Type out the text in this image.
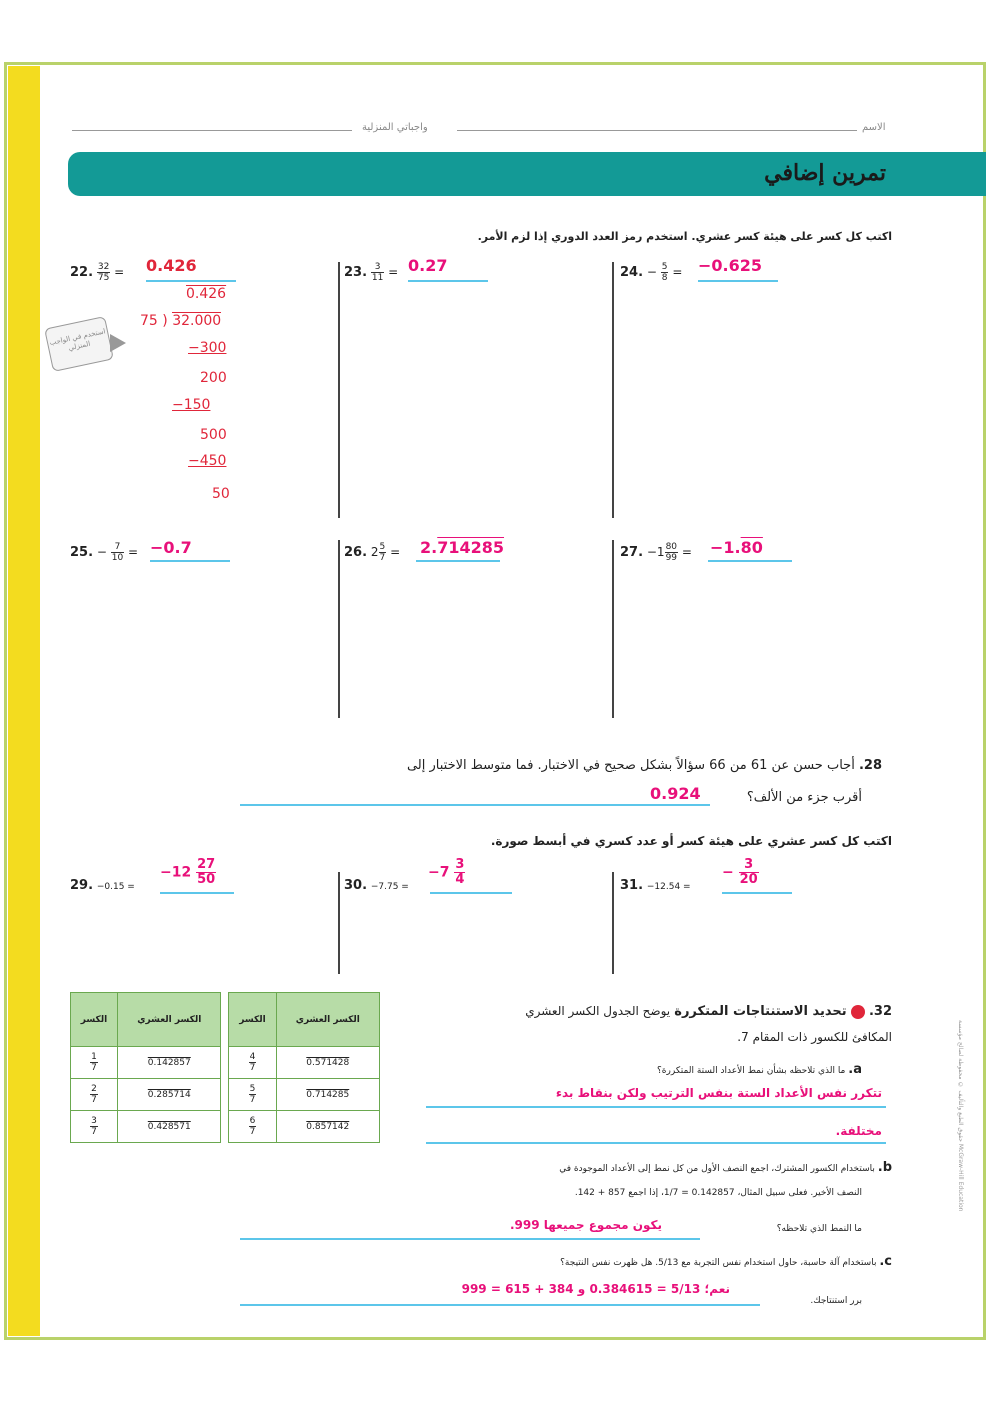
واجباتي المنزلية	الاسم
تمرين إضافي
اكتب كل كسر على هيئة كسر عشري. استخدم رمز العدد الدوري إذا لزم الأمر.
22. $\frac{32}{75} = 0.426$
0.426
75 ) 32.000
−300
200
−150
500
−450
50
استخدم في الواجب المنزلي
23. $\frac{3}{11} = 0.27$	24. − $\frac{5}{8} = -0.625$
25. − $\frac{7}{10} = -0.7$	26. $2 \frac{5}{7} = 2.714285$	27. $-1 \frac{80}{99} = -1.80$
28. أجاب حسن عن 61 من 66 سؤالاً بشكل صحيح في الاختبار. فما متوسط الاختبار إلى
أقرب جزء من الألف؟
0.924
اكتب كل كسر عشري على هيئة كسر أو عدد كسري في أبسط صورة.
29. −0.15 =
$-12 \frac{27}{50}$	30. −7.75 =
$-7 \frac{3}{4}$	31. −12.54 =
− $\frac{3}{20}$
الكسر	الكسر العشري		الكسر	الكسر العشري

$\frac{1}{7}$	0.142857		$\frac{4}{7}$	0.571428

$\frac{2}{7}$	0.285714		$\frac{5}{7}$	0.714285

$\frac{3}{7}$	0.428571		$\frac{6}{7}$	0.857142
32.  تحديد الاستنتاجات المتكررة يوضح الجدول الكسر العشري
المكافئ للكسور ذات المقام 7.
a. ما الذي تلاحظه بشأن نمط الأعداد الستة المتكررة؟
تتكرر نفس الأعداد الستة بنفس الترتيب ولكن بنقاط بدء
مختلفة.
b. باستخدام الكسور المشترك، اجمع النصف الأول من كل نمط إلى الأعداد الموجودة في
النصف الأخير. فعلى سبيل المثال، 0.142857 = 1/7، إذا اجمع 857 + 142.
ما النمط الذي تلاحظه؟
يكون مجموع جميعها 999.
c. باستخدام آلة حاسبة، حاول استخدام نفس التجربة مع 5/13. هل ظهرت نفس النتيجة؟
برر استنتاجك.
نعم؛ 5/13 = 0.384615 و 384 + 615 = 999
حقوق الطبع والتأليف © محفوظة لصالح مؤسسة McGraw-Hill Education
